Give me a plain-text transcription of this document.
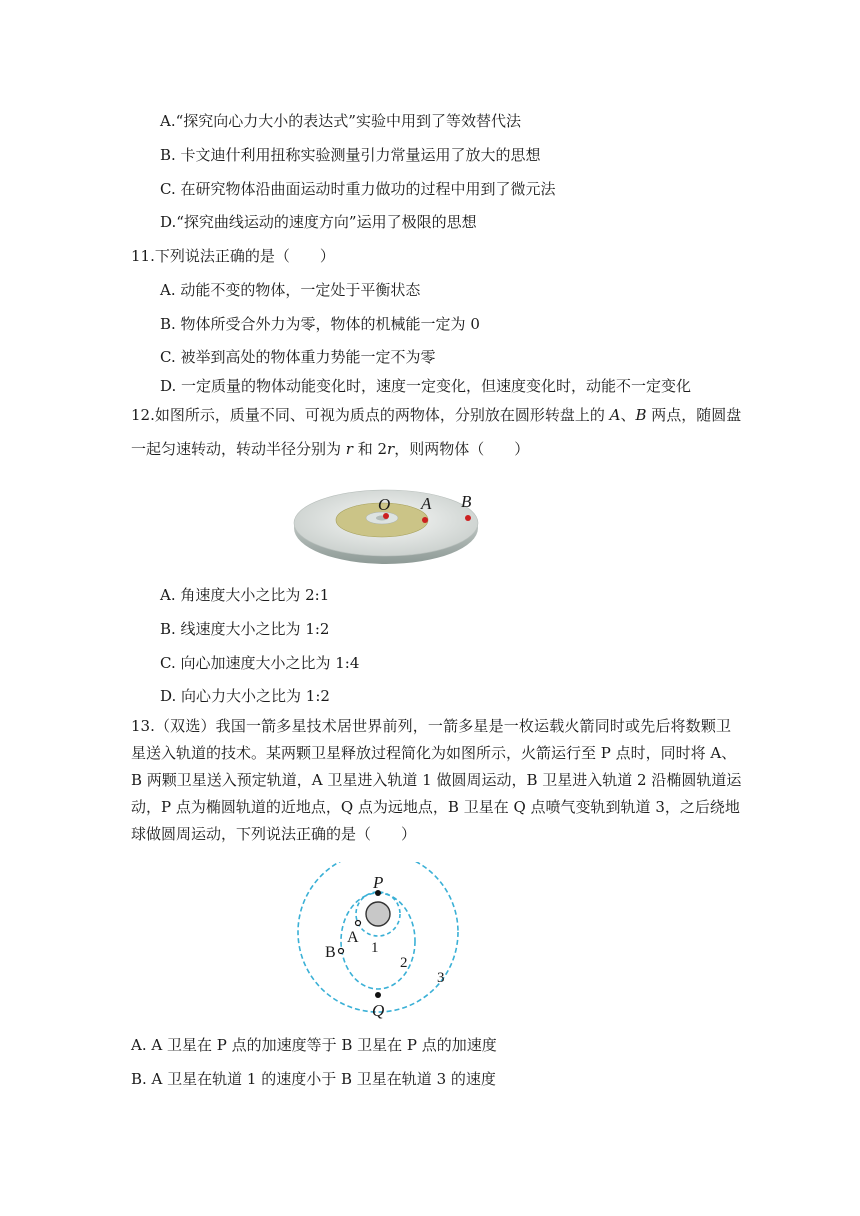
A.“探究向心力大小的表达式”实验中用到了等效替代法
B. 卡文迪什利用扭称实验测量引力常量运用了放大的思想
C. 在研究物体沿曲面运动时重力做功的过程中用到了微元法
D.“探究曲线运动的速度方向”运用了极限的思想
11.下列说法正确的是（　　）
A. 动能不变的物体，一定处于平衡状态
B. 物体所受合外力为零，物体的机械能一定为 0
C. 被举到高处的物体重力势能一定不为零
D. 一定质量的物体动能变化时，速度一定变化，但速度变化时，动能不一定变化
12.如图所示，质量不同、可视为质点的两物体，分别放在圆形转盘上的 A、B 两点，随圆盘
一起匀速转动，转动半径分别为 r 和 2r，则两物体（　　）
O A B
A. 角速度大小之比为 2:1
B. 线速度大小之比为 1:2
C. 向心加速度大小之比为 1:4
D. 向心力大小之比为 1:2
13.（双选）我国一箭多星技术居世界前列，一箭多星是一枚运载火箭同时或先后将数颗卫
星送入轨道的技术。某两颗卫星释放过程简化为如图所示，火箭运行至 P 点时，同时将 A、
B 两颗卫星送入预定轨道，A 卫星进入轨道 1 做圆周运动，B 卫星进入轨道 2 沿椭圆轨道运
动，P 点为椭圆轨道的近地点，Q 点为远地点，B 卫星在 Q 点喷气变轨到轨道 3，之后绕地
球做圆周运动，下列说法正确的是（　　）
P
Q
A
B 1
2
3
A. A 卫星在 P 点的加速度等于 B 卫星在 P 点的加速度
B. A 卫星在轨道 1 的速度小于 B 卫星在轨道 3 的速度
